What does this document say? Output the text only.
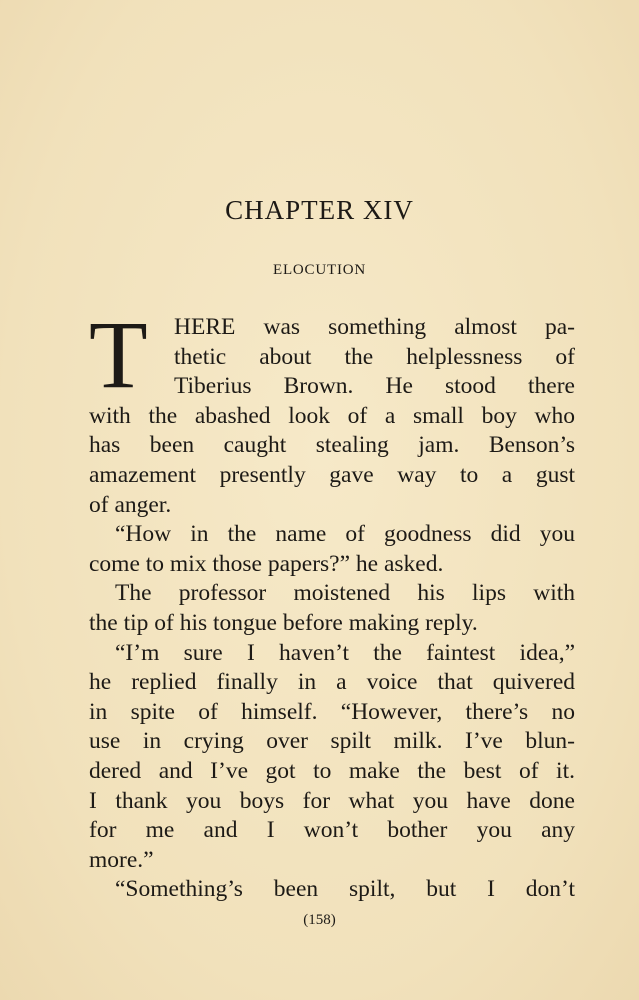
CHAPTER XIV
ELOCUTION
T	HERE was something almost pa-
thetic about the helplessness of
Tiberius Brown. He stood there
with the abashed look of a small boy who
has been caught stealing jam. Benson’s
amazement presently gave way to a gust
of anger.
“How in the name of goodness did you
come to mix those papers?” he asked.
The professor moistened his lips with
the tip of his tongue before making reply.
“I’m sure I haven’t the faintest idea,”
he replied finally in a voice that quivered
in spite of himself. “However, there’s no
use in crying over spilt milk. I’ve blun-
dered and I’ve got to make the best of it.
I thank you boys for what you have done
for me and I won’t bother you any
more.”
“Something’s been spilt, but I don’t
(158)
